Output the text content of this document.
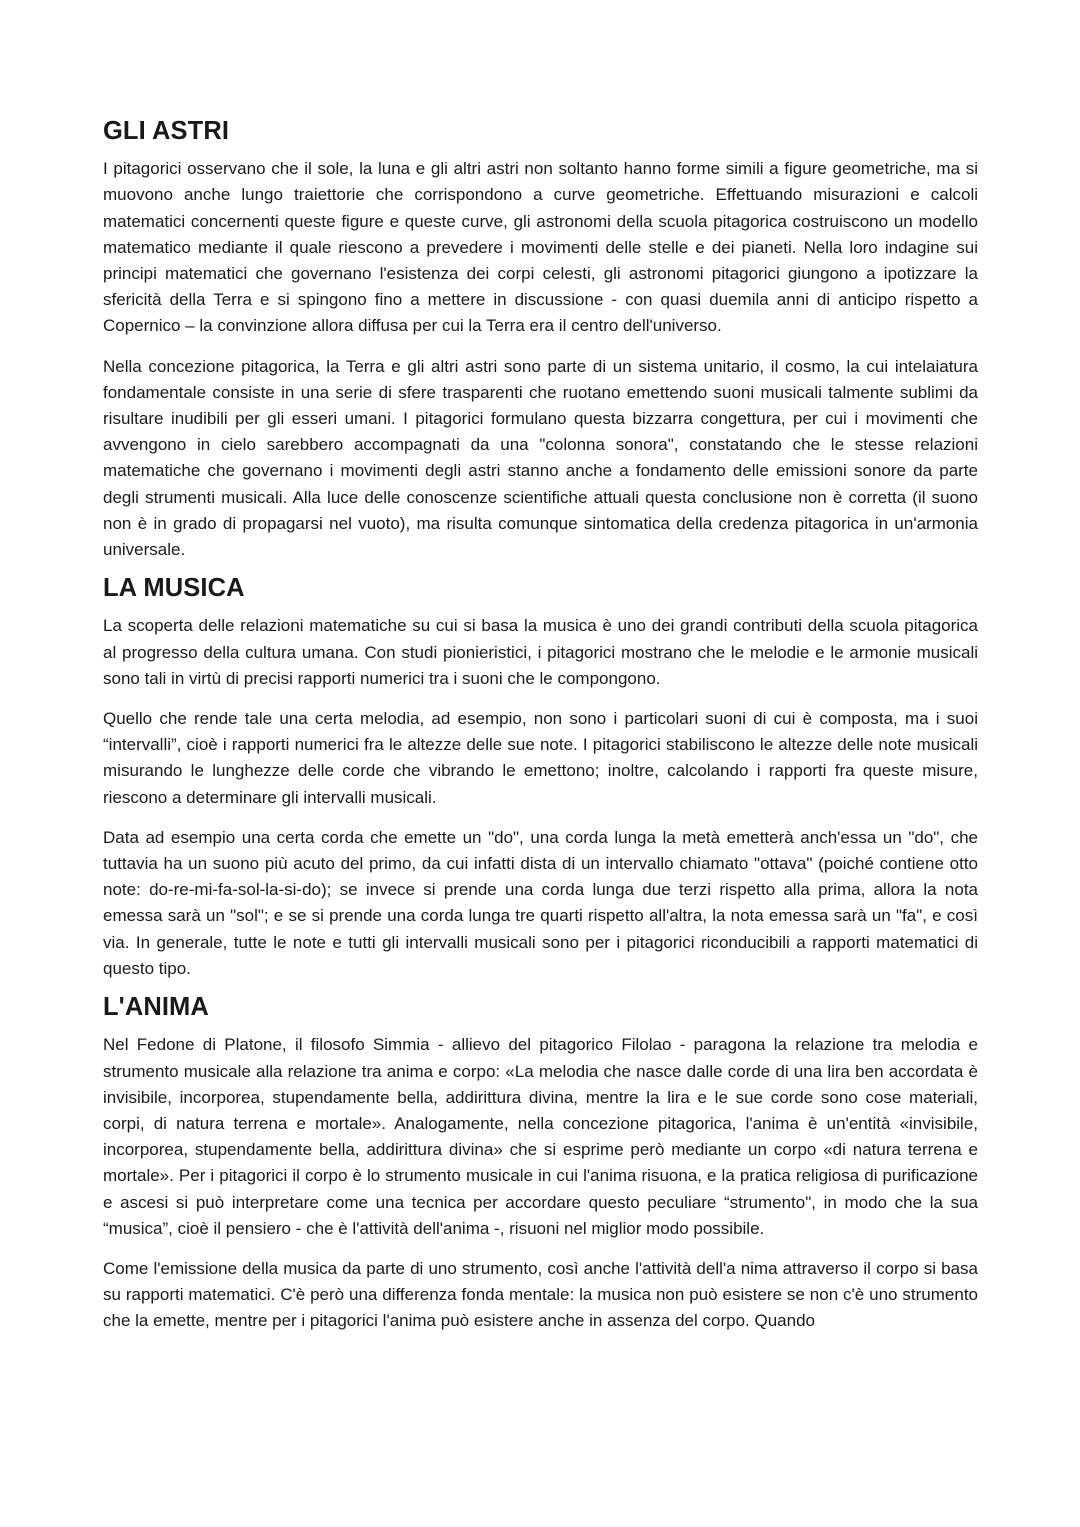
GLI ASTRI

I pitagorici osservano che il sole, la luna e gli altri astri non soltanto hanno forme simili a figure geometriche, ma si muovono anche lungo traiettorie che corrispondono a curve geometriche. Effettuando misurazioni e calcoli matematici concernenti queste figure e queste curve, gli astronomi della scuola pitagorica costruiscono un modello matematico mediante il quale riescono a prevedere i movimenti delle stelle e dei pianeti. Nella loro indagine sui principi matematici che governano l'esistenza dei corpi celesti, gli astronomi pitagorici giungono a ipotizzare la sfericità della Terra e si spingono fino a mettere in discussione - con quasi duemila anni di anticipo rispetto a Copernico – la convinzione allora diffusa per cui la Terra era il centro dell'universo.

Nella concezione pitagorica, la Terra e gli altri astri sono parte di un sistema unitario, il cosmo, la cui intelaiatura fondamentale consiste in una serie di sfere trasparenti che ruotano emettendo suoni musicali talmente sublimi da risultare inudibili per gli esseri umani. I pitagorici formulano questa bizzarra congettura, per cui i movimenti che avvengono in cielo sarebbero accompagnati da una "colonna sonora", constatando che le stesse relazioni matematiche che governano i movimenti degli astri stanno anche a fondamento delle emissioni sonore da parte degli strumenti musicali. Alla luce delle conoscenze scientifiche attuali questa conclusione non è corretta (il suono non è in grado di propagarsi nel vuoto), ma risulta comunque sintomatica della credenza pitagorica in un'armonia universale.

LA MUSICA

La scoperta delle relazioni matematiche su cui si basa la musica è uno dei grandi contributi della scuola pitagorica al progresso della cultura umana. Con studi pionieristici, i pitagorici mostrano che le melodie e le armonie musicali sono tali in virtù di precisi rapporti numerici tra i suoni che le compongono.

Quello che rende tale una certa melodia, ad esempio, non sono i particolari suoni di cui è composta, ma i suoi “intervalli”, cioè i rapporti numerici fra le altezze delle sue note. I pitagorici stabiliscono le altezze delle note musicali misurando le lunghezze delle corde che vibrando le emettono; inoltre, calcolando i rapporti fra queste misure, riescono a determinare gli intervalli musicali.

Data ad esempio una certa corda che emette un "do", una corda lunga la metà emetterà anch'essa un "do", che tuttavia ha un suono più acuto del primo, da cui infatti dista di un intervallo chiamato "ottava" (poiché contiene otto note: do-re-mi-fa-sol-la-si-do); se invece si prende una corda lunga due terzi rispetto alla prima, allora la nota emessa sarà un "sol"; e se si prende una corda lunga tre quarti rispetto all'altra, la nota emessa sarà un "fa", e così via. In generale, tutte le note e tutti gli intervalli musicali sono per i pitagorici riconducibili a rapporti matematici di questo tipo.

L'ANIMA

Nel Fedone di Platone, il filosofo Simmia - allievo del pitagorico Filolao - paragona la relazione tra melodia e strumento musicale alla relazione tra anima e corpo: «La melodia che nasce dalle corde di una lira ben accordata è invisibile, incorporea, stupendamente bella, addirittura divina, mentre la lira e le sue corde sono cose materiali, corpi, di natura terrena e mortale». Analogamente, nella concezione pitagorica, l'anima è un'entità «invisibile, incorporea, stupendamente bella, addirittura divina» che si esprime però mediante un corpo «di natura terrena e mortale». Per i pitagorici il corpo è lo strumento musicale in cui l'anima risuona, e la pratica religiosa di purificazione e ascesi si può interpretare come una tecnica per accordare questo peculiare “strumento", in modo che la sua “musica”, cioè il pensiero - che è l'attività dell'anima -, risuoni nel miglior modo possibile.

Come l'emissione della musica da parte di uno strumento, così anche l'attività dell'a nima attraverso il corpo si basa su rapporti matematici. C'è però una differenza fonda mentale: la musica non può esistere se non c'è uno strumento che la emette, mentre per i pitagorici l'anima può esistere anche in assenza del corpo. Quando
